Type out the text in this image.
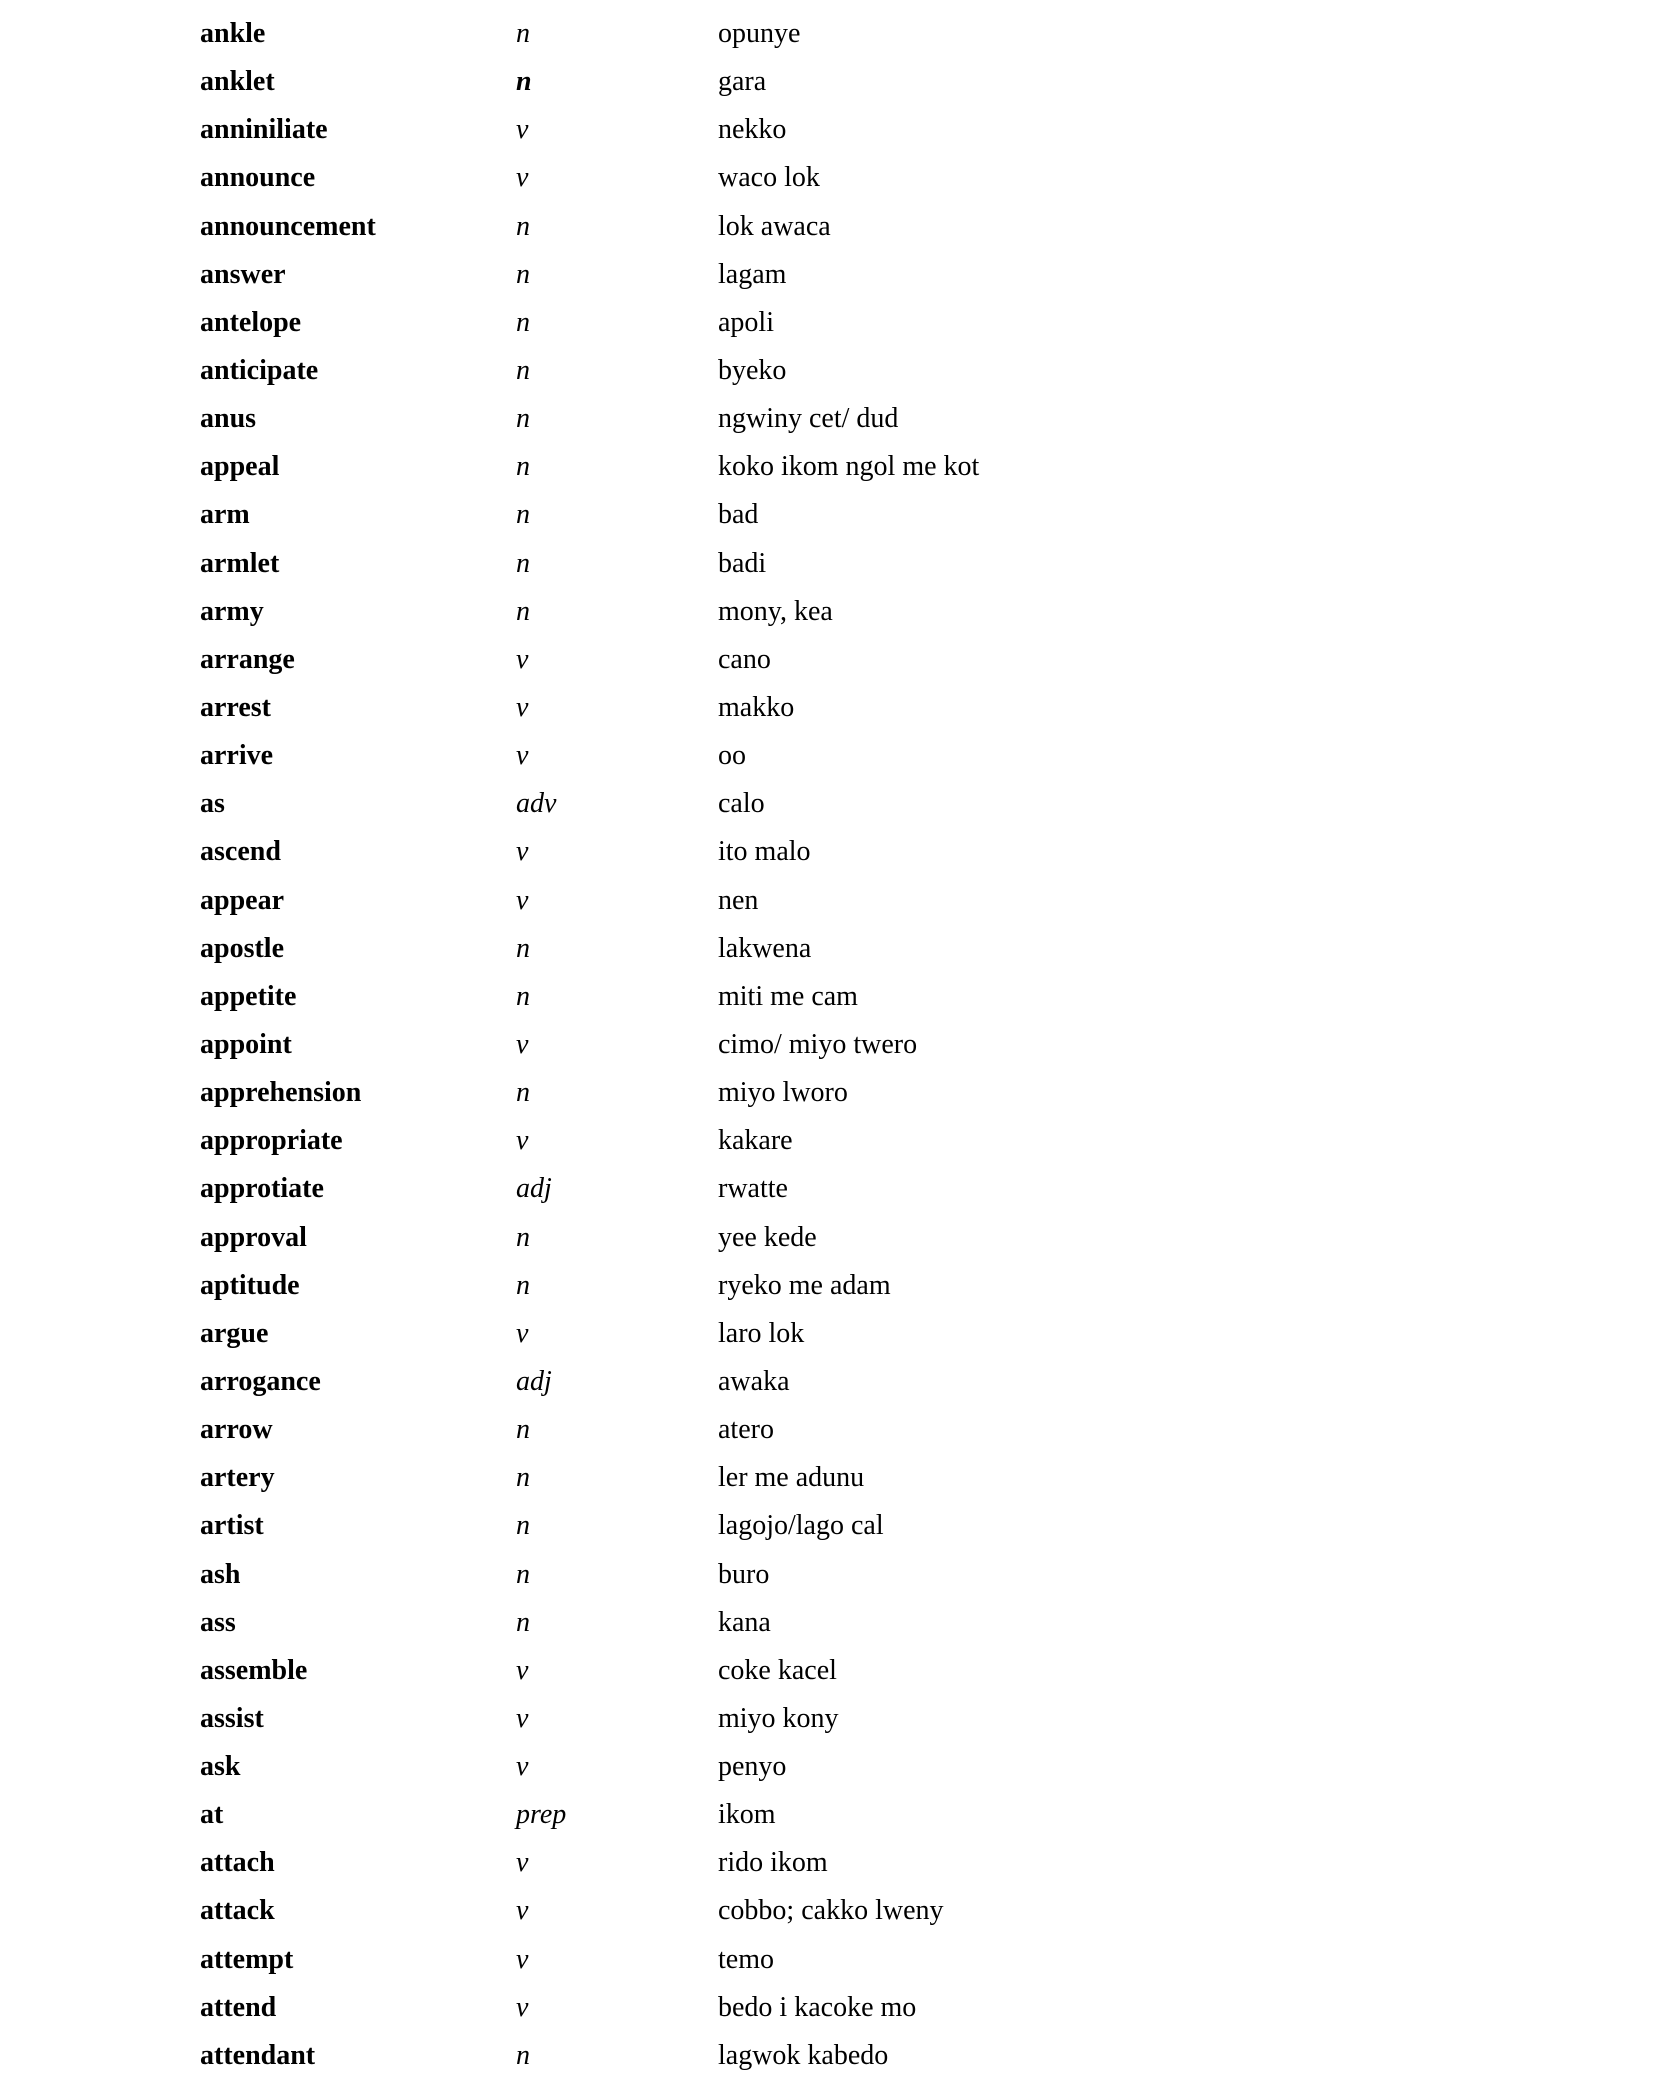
ankle	n	opunye
anklet	n	gara
anniniliate	v	nekko
announce	v	waco lok
announcement	n	lok awaca
answer	n	lagam
antelope	n	apoli
anticipate	n	byeko
anus	n	ngwiny cet/ dud
appeal	n	koko ikom ngol me kot
arm	n	bad
armlet	n	badi
army	n	mony, kea
arrange	v	cano
arrest	v	makko
arrive	v	oo
as	adv	calo
ascend	v	ito malo
appear	v	nen
apostle	n	lakwena
appetite	n	miti me cam
appoint	v	cimo/ miyo twero
apprehension	n	miyo lworo
appropriate	v	kakare
approtiate	adj	rwatte
approval	n	yee kede
aptitude	n	ryeko me adam
argue	v	laro lok
arrogance	adj	awaka
arrow	n	atero
artery	n	ler me adunu
artist	n	lagojo/lago cal
ash	n	buro
ass	n	kana
assemble	v	coke kacel
assist	v	miyo kony
ask	v	penyo
at	prep	ikom
attach	v	rido ikom
attack	v	cobbo; cakko lweny
attempt	v	temo
attend	v	bedo i kacoke mo
attendant	n	lagwok kabedo
